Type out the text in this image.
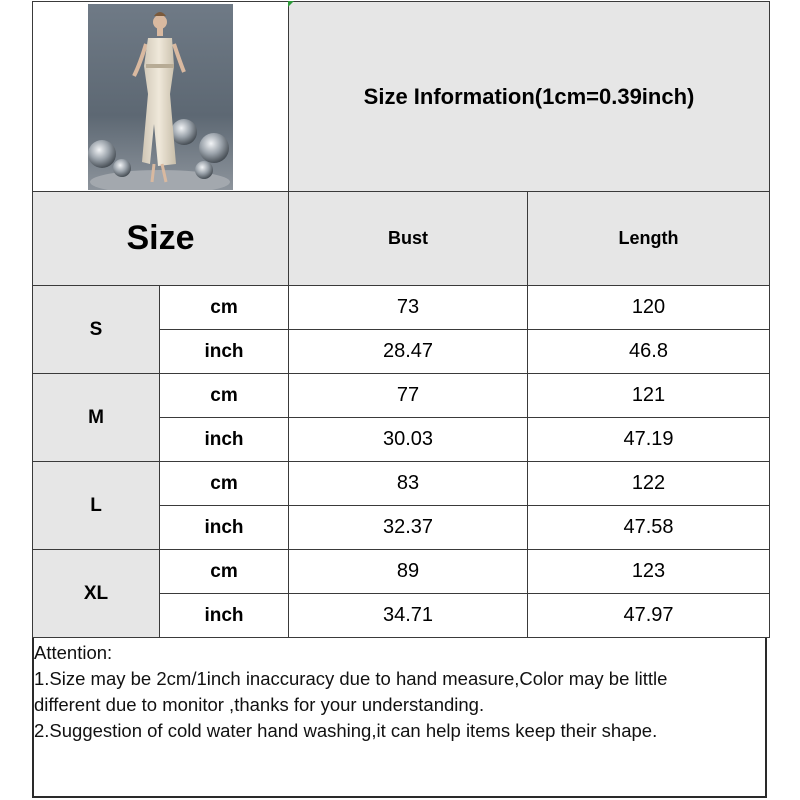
	Size Information(1cm=0.39inch)	
Size		Bust	Length
S	cm	73	120
	inch	28.47	46.8
M	cm	77	121
	inch	30.03	47.19
L	cm	83	122
	inch	32.37	47.58
XL	cm	89	123
	inch	34.71	47.97
Attention:
1.Size may be 2cm/1inch inaccuracy due to hand measure,Color may be little
different due to monitor ,thanks for your understanding.
2.Suggestion of cold water hand washing,it can help items keep their shape.
